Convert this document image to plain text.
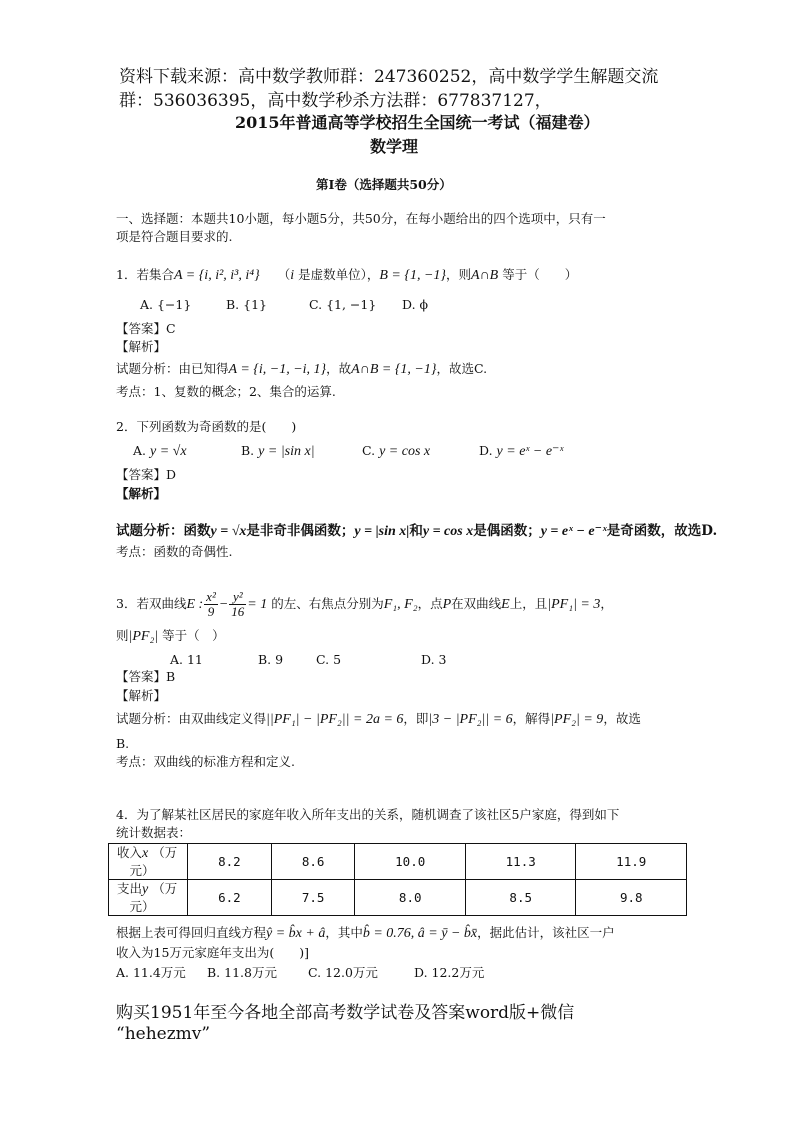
资料下载来源：高中数学教师群：247360252，高中数学学生解题交流
群：536036395，高中数学秒杀方法群：677837127，
2015年普通高等学校招生全国统一考试（福建卷）
数学理
第Ⅰ卷（选择题共50分）
一、选择题：本题共10小题，每小题5分，共50分，在每小题给出的四个选项中，只有一
项是符合题目要求的.
1．若集合A = {i, i², i³, i⁴} （i 是虚数单位），B = {1, −1}，则A∩B 等于（　　）
A. {−1}	B. {1}	C. {1, −1} D. ϕ
【答案】C
【解析】
试题分析：由已知得A = {i, −1, −i, 1}，故A∩B = {1, −1}，故选C.
考点：1、复数的概念；2、集合的运算.
2．下列函数为奇函数的是(　　)
A. y = √x	B. y = |sin x|	C. y = cos x	D. y = eˣ − e⁻ˣ
【答案】D
【解析】
试题分析：函数y = √x是非奇非偶函数；y = |sin x|和y = cos x是偶函数；y = eˣ − e⁻ˣ是奇函数，故选D.
考点：函数的奇偶性.
3．若双曲线E : $\frac{\text{x²}}{9} - \frac{\text{y²}}{16} = 1$ 的左、右焦点分别为F₁, F₂，点P在双曲线E上，且|PF₁| = 3，
则|PF₂| 等于（　）
A. 11	B. 9	C. 5	D. 3
【答案】B
【解析】
试题分析：由双曲线定义得||PF₁| − |PF₂|| = 2a = 6，即|3 − |PF₂|| = 6，解得|PF₂| = 9，故选
B.
考点：双曲线的标准方程和定义.
4．为了解某社区居民的家庭年收入所年支出的关系，随机调查了该社区5户家庭，得到如下
统计数据表：
收入x （万
　元）	8.2	8.6	10.0	11.3	11.9
支出y （万
　元）	6.2	7.5	8.0	8.5	9.8
根据上表可得回归直线方程ŷ = b̂x + â，其中b̂ = 0.76, â = ȳ − b̂x̄，据此估计，该社区一户
收入为15万元家庭年支出为(　　)]
A. 11.4万元 B. 11.8万元 C. 12.0万元	D. 12.2万元
购买1951年至今各地全部高考数学试卷及答案word版+微信
“hehezmv”
